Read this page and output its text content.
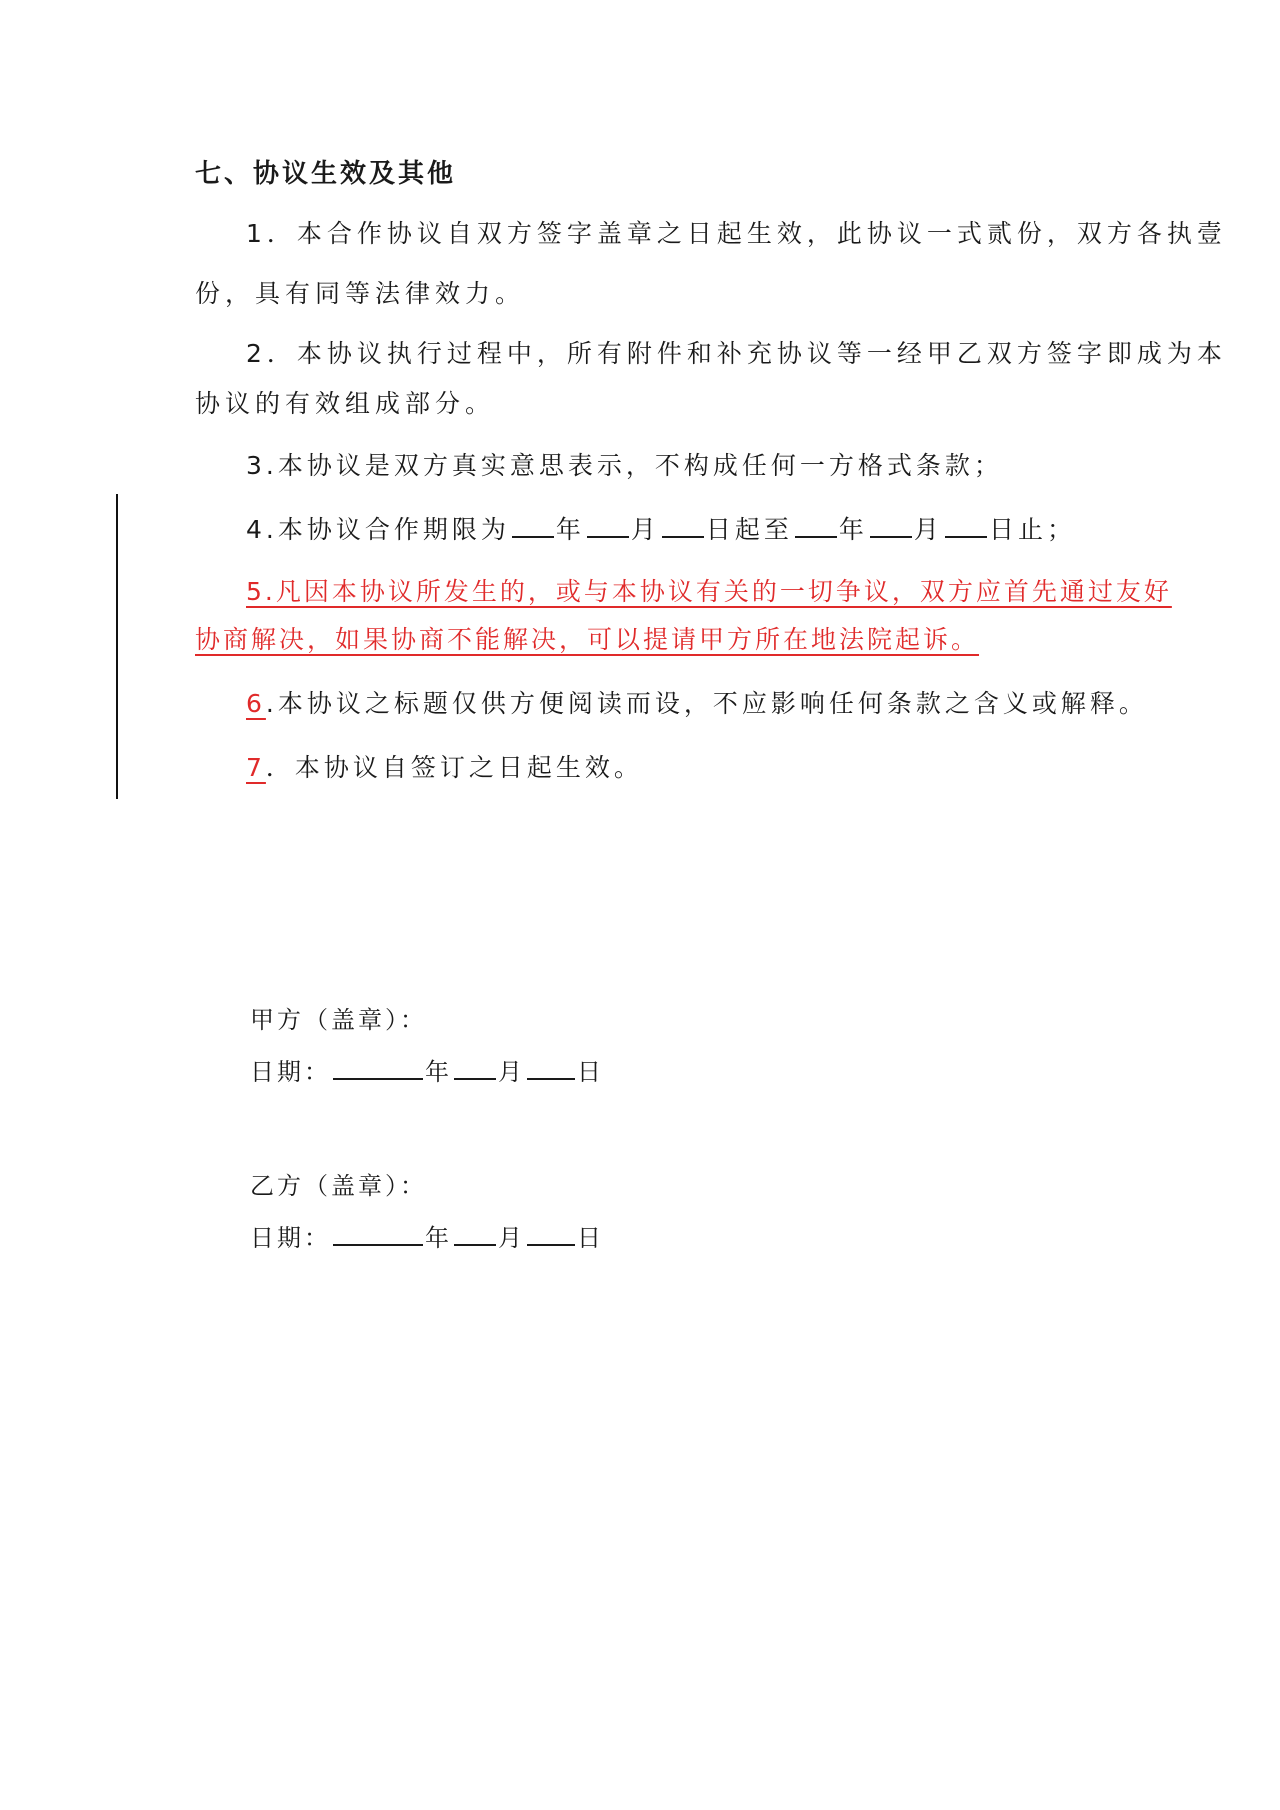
七、协议生效及其他
1．本合作协议自双方签字盖章之日起生效，此协议一式贰份，双方各执壹
份，具有同等法律效力。
2．本协议执行过程中，所有附件和补充协议等一经甲乙双方签字即成为本
协议的有效组成部分。
3.本协议是双方真实意思表示，不构成任何一方格式条款；
4.本协议合作期限为 年 月 日起至 年 月 日止；
5.凡因本协议所发生的，或与本协议有关的一切争议，双方应首先通过友好
协商解决，如果协商不能解决，可以提请甲方所在地法院起诉。
6.本协议之标题仅供方便阅读而设，不应影响任何条款之含义或解释。
7．本协议自签订之日起生效。
甲方（盖章）：
日期：	年 月 日
乙方（盖章）：
日期：	年 月 日
